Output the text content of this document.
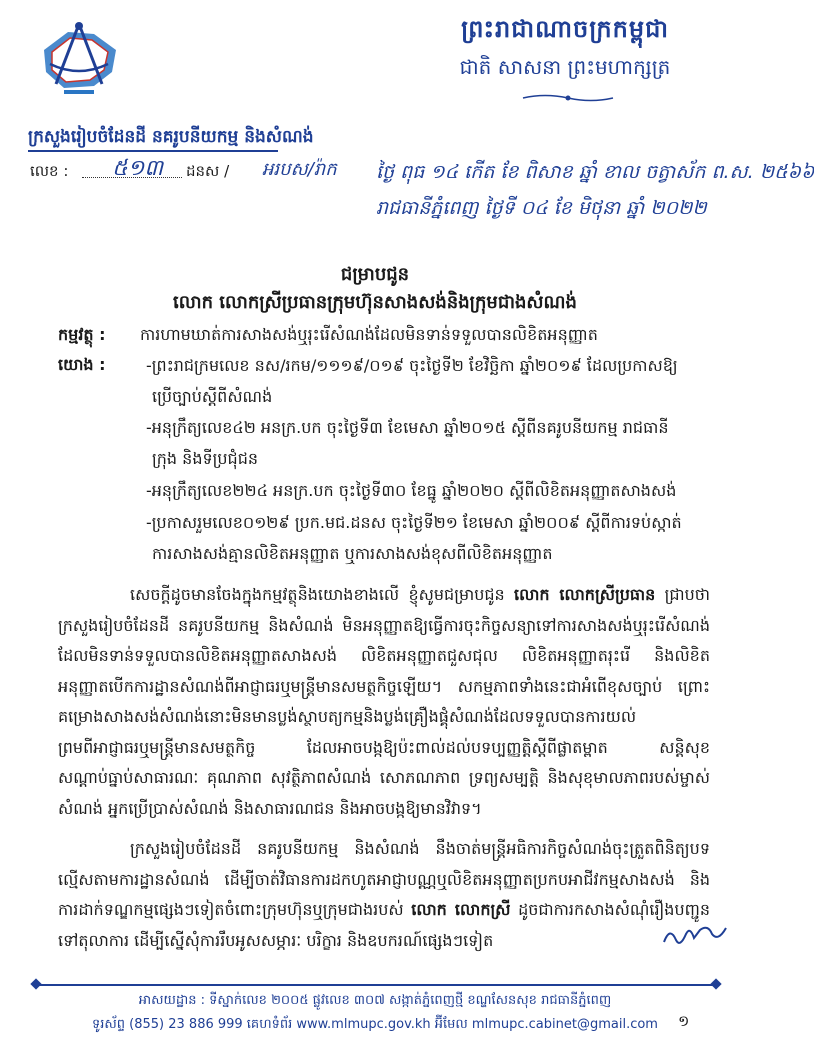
ព្រះរាជាណាចក្រកម្ពុជា
ជាតិ សាសនា ព្រះមហាក្សត្រ
ក្រសួងរៀបចំដែនដី នគរូបនីយកម្ម និងសំណង់
លេខ : ៥១៣ ដនស / អរបស/រ៉ាក ថ្ងៃ ពុធ ១៤ កើត ខែ ពិសាខ ឆ្នាំ ខាល ចត្វាស័ក ព.ស. ២៥៦៦
រាជធានីភ្នំពេញ ថ្ងៃទី ០៤ ខែ មិថុនា ឆ្នាំ ២០២២
ជម្រាបជូន
លោក លោកស្រីប្រធានក្រុមហ៊ុនសាងសង់និងក្រុមជាងសំណង់
កម្មវត្ថុ : ការហាមឃាត់ការសាងសង់ឬរុះរើសំណង់ដែលមិនទាន់ទទួលបានលិខិតអនុញ្ញាត
យោង :	-ព្រះរាជក្រមលេខ នស/រកម/១១១៩/០១៩ ចុះថ្ងៃទី២ ខែវិច្ឆិកា ឆ្នាំ២០១៩ ដែលប្រកាសឱ្យ
ប្រើច្បាប់ស្តីពីសំណង់
-អនុក្រឹត្យលេខ៤២ អនក្រ.បក ចុះថ្ងៃទី៣ ខែមេសា ឆ្នាំ២០១៥ ស្តីពីនគរូបនីយកម្ម រាជធានី
ក្រុង និងទីប្រជុំជន
-អនុក្រឹត្យលេខ២២៤ អនក្រ.បក ចុះថ្ងៃទី៣០ ខែធ្នូ ឆ្នាំ២០២០ ស្តីពីលិខិតអនុញ្ញាតសាងសង់
-ប្រកាសរួមលេខ០១២៩ ប្រក.មជ.ដនស ចុះថ្ងៃទី២១ ខែមេសា ឆ្នាំ២០០៩ ស្តីពីការទប់ស្កាត់
ការសាងសង់គ្មានលិខិតអនុញ្ញាត ឬការសាងសង់ខុសពីលិខិតអនុញ្ញាត
សេចក្តីដូចមានចែងក្នុងកម្មវត្ថុនិងយោងខាងលើ ខ្ញុំសូមជម្រាបជូន លោក លោកស្រីប្រធាន ជ្រាបថា ក្រសួងរៀបចំដែនដី នគរូបនីយកម្ម និងសំណង់ មិនអនុញ្ញាតឱ្យធ្វើការចុះកិច្ចសន្យាទៅការសាងសង់ឬរុះរើសំណង់ដែលមិនទាន់ទទួលបានលិខិតអនុញ្ញាតសាងសង់ លិខិតអនុញ្ញាតជួសជុល លិខិតអនុញ្ញាតរុះរើ និងលិខិតអនុញ្ញាតបើកការដ្ឋានសំណង់ពីអាជ្ញាធរឬមន្ត្រីមានសមត្ថកិច្ចឡើយ។ សកម្មភាពទាំងនេះជាអំពើខុសច្បាប់ ព្រោះគម្រោងសាងសង់សំណង់នោះមិនមានប្លង់ស្ថាបត្យកម្មនិងប្លង់គ្រឿងផ្គុំសំណង់ដែលទទួលបានការយល់ព្រមពីអាជ្ញាធរឬមន្ត្រីមានសមត្ថកិច្ច ដែលអាចបង្កឱ្យប៉ះពាល់ដល់បទប្បញ្ញត្តិស្តីពីផ្លាតម្ពាត សន្តិសុខ សណ្តាប់ធ្នាប់សាធារណៈ គុណភាព សុវត្ថិភាពសំណង់ សោភណភាព ទ្រព្យសម្បត្តិ និងសុខុមាលភាពរបស់ម្ចាស់សំណង់ អ្នកប្រើប្រាស់សំណង់ និងសាធារណជន និងអាចបង្កឱ្យមានវិវាទ។
ក្រសួងរៀបចំដែនដី នគរូបនីយកម្ម និងសំណង់ នឹងចាត់មន្ត្រីអធិការកិច្ចសំណង់ចុះត្រួតពិនិត្យបទល្មើសតាមការដ្ឋានសំណង់ ដើម្បីចាត់វិធានការដកហូតអាជ្ញាបណ្ណឬលិខិតអនុញ្ញាតប្រកបអាជីវកម្មសាងសង់ និងការដាក់ទណ្ឌកម្មផ្សេងៗទៀតចំពោះក្រុមហ៊ុនឬក្រុមជាងរបស់ លោក លោកស្រី ដូចជាការកសាងសំណុំរឿងបញ្ជូនទៅតុលាការ ដើម្បីស្នើសុំការរឹបអូសសម្ភារៈ បរិក្ខារ និងឧបករណ៍ផ្សេងៗទៀត
អាសយដ្ឋាន : ទីស្នាក់លេខ ២០០៥ ផ្លូវលេខ ៣០៧ សង្កាត់ភ្នំពេញថ្មី ខណ្ឌសែនសុខ រាជធានីភ្នំពេញ
ទូរស័ព្ទ (855) 23 886 999 គេហទំព័រ www.mlmupc.gov.kh អ៊ីមែល mlmupc.cabinet@gmail.com	១
